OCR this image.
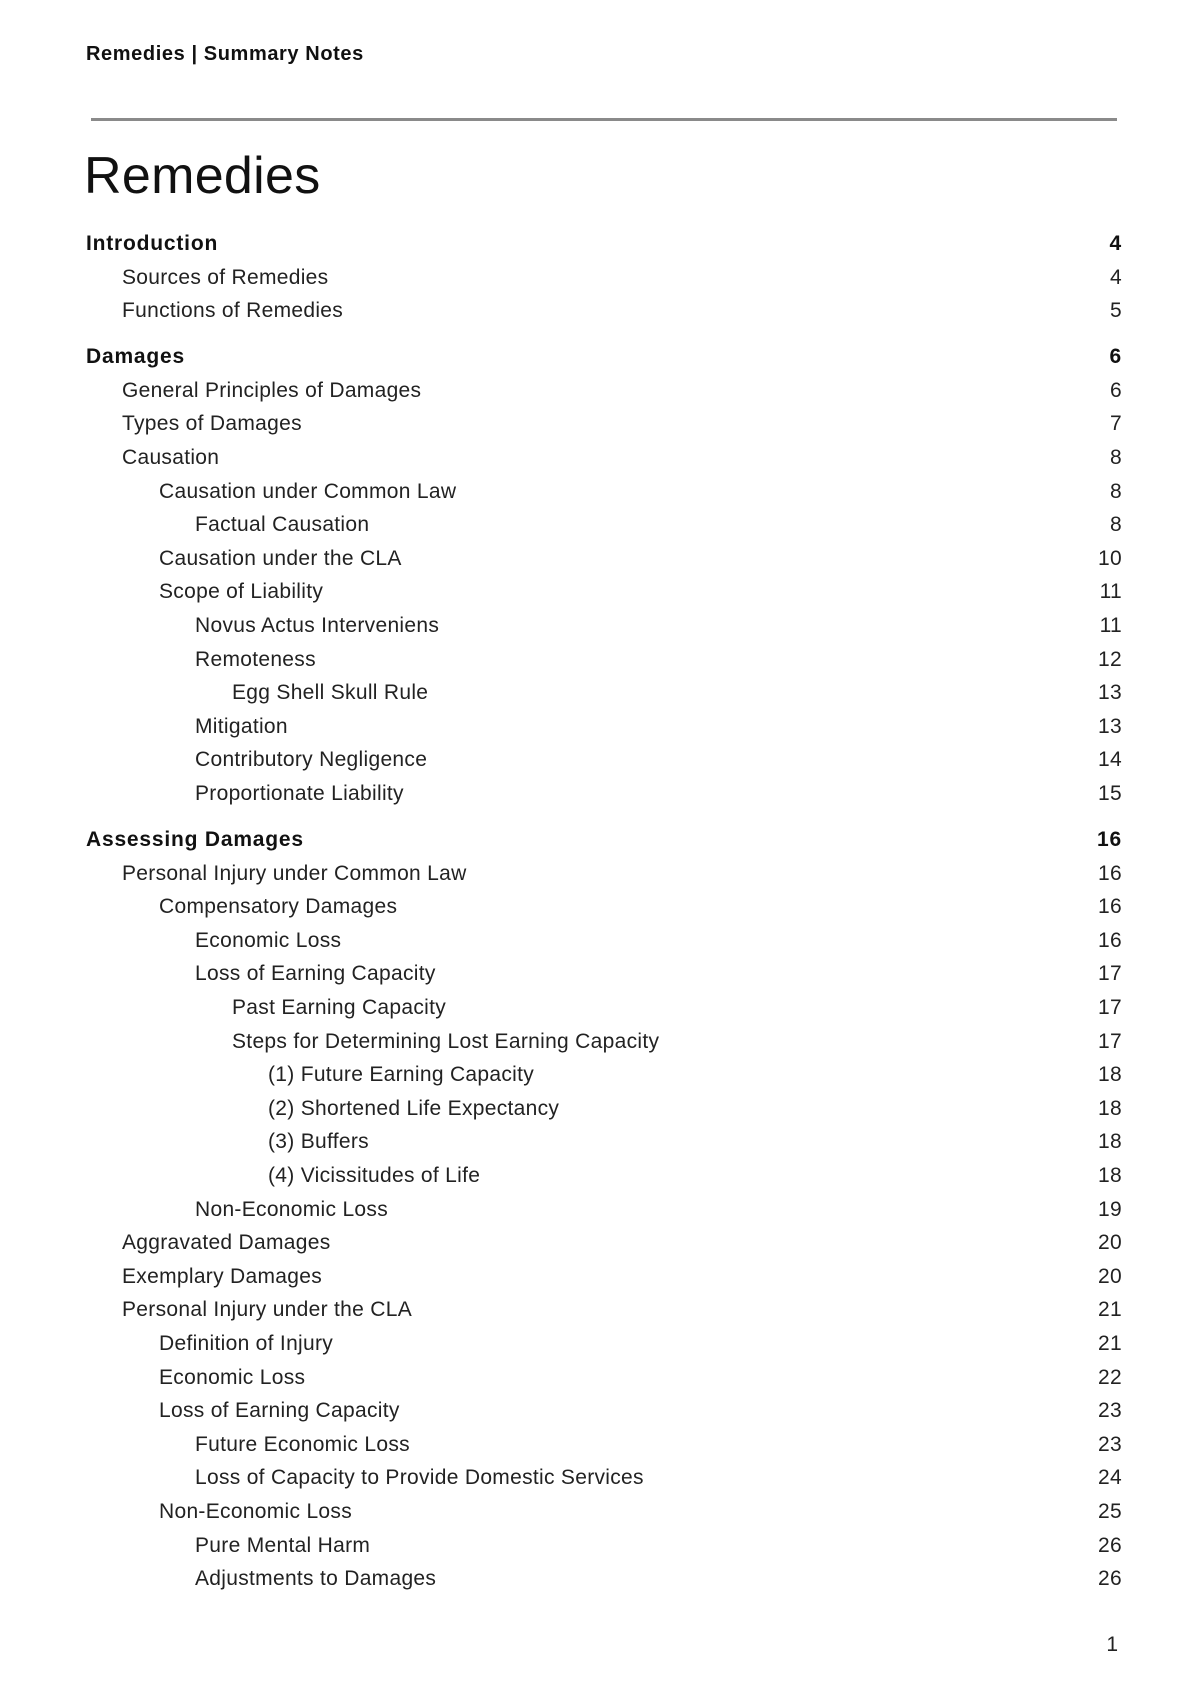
Remedies | Summary Notes
Remedies
Introduction	4
Sources of Remedies	4
Functions of Remedies	5
Damages	6
General Principles of Damages	6
Types of Damages	7
Causation	8
Causation under Common Law	8
Factual Causation	8
Causation under the CLA	10
Scope of Liability	11
Novus Actus Interveniens	11
Remoteness	12
Egg Shell Skull Rule	13
Mitigation	13
Contributory Negligence	14
Proportionate Liability	15
Assessing Damages	16
Personal Injury under Common Law	16
Compensatory Damages	16
Economic Loss	16
Loss of Earning Capacity	17
Past Earning Capacity	17
Steps for Determining Lost Earning Capacity	17
(1) Future Earning Capacity	18
(2) Shortened Life Expectancy	18
(3) Buffers	18
(4) Vicissitudes of Life	18
Non-Economic Loss	19
Aggravated Damages	20
Exemplary Damages	20
Personal Injury under the CLA	21
Definition of Injury	21
Economic Loss	22
Loss of Earning Capacity	23
Future Economic Loss	23
Loss of Capacity to Provide Domestic Services	24
Non-Economic Loss	25
Pure Mental Harm	26
Adjustments to Damages	26
1
